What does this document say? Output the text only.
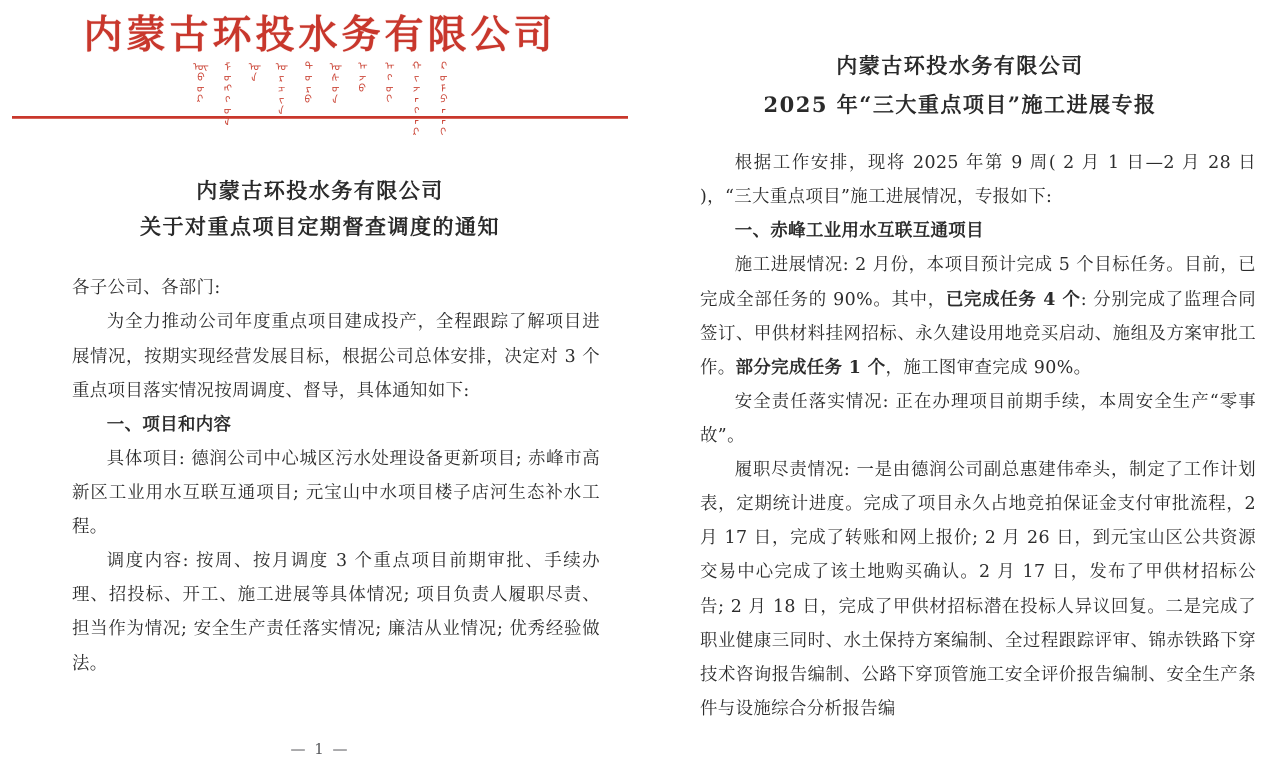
内蒙古环投水务有限公司
ᠥᠪᠥᠷ ᠮᠣᠩᠭᠤᠯ ᠤᠨ ᠣᠷᠴᠢᠨ ᠲᠥᠷᠥ ᠤᠰᠤᠨ ᠠᠵᠤ ᠠᠬᠤᠢ ᠬᠢᠵᠠᠭᠠᠷ ᠺᠣᠮᠫᠠᠨᠢ
内蒙古环投水务有限公司
关于对重点项目定期督查调度的通知

各子公司、各部门:

为全力推动公司年度重点项目建成投产，全程跟踪了解项目进展情况，按期实现经营发展目标，根据公司总体安排，决定对 3 个重点项目落实情况按周调度、督导，具体通知如下:

一、项目和内容

具体项目: 德润公司中心城区污水处理设备更新项目; 赤峰市高新区工业用水互联互通项目; 元宝山中水项目楼子店河生态补水工程。

调度内容: 按周、按月调度 3 个重点项目前期审批、手续办理、招投标、开工、施工进展等具体情况; 项目负责人履职尽责、担当作为情况; 安全生产责任落实情况; 廉洁从业情况; 优秀经验做法。

— 1 —
内蒙古环投水务有限公司
2025 年“三大重点项目”施工进展专报

根据工作安排，现将 2025 年第 9 周( 2 月 1 日—2 月 28 日 )，“三大重点项目”施工进展情况，专报如下:

一、赤峰工业用水互联互通项目

施工进展情况: 2 月份，本项目预计完成 5 个目标任务。目前，已完成全部任务的 90%。其中，已完成任务 4 个: 分别完成了监理合同签订、甲供材料挂网招标、永久建设用地竞买启动、施组及方案审批工作。部分完成任务 1 个，施工图审查完成 90%。

安全责任落实情况: 正在办理项目前期手续，本周安全生产“零事故”。

履职尽责情况: 一是由德润公司副总惠建伟牵头，制定了工作计划表，定期统计进度。完成了项目永久占地竞拍保证金支付审批流程，2 月 17 日，完成了转账和网上报价; 2 月 26 日，到元宝山区公共资源交易中心完成了该土地购买确认。2 月 17 日，发布了甲供材招标公告; 2 月 18 日，完成了甲供材招标潜在投标人异议回复。二是完成了职业健康三同时、水土保持方案编制、全过程跟踪评审、锦赤铁路下穿技术咨询报告编制、公路下穿顶管施工安全评价报告编制、安全生产条件与设施综合分析报告编
